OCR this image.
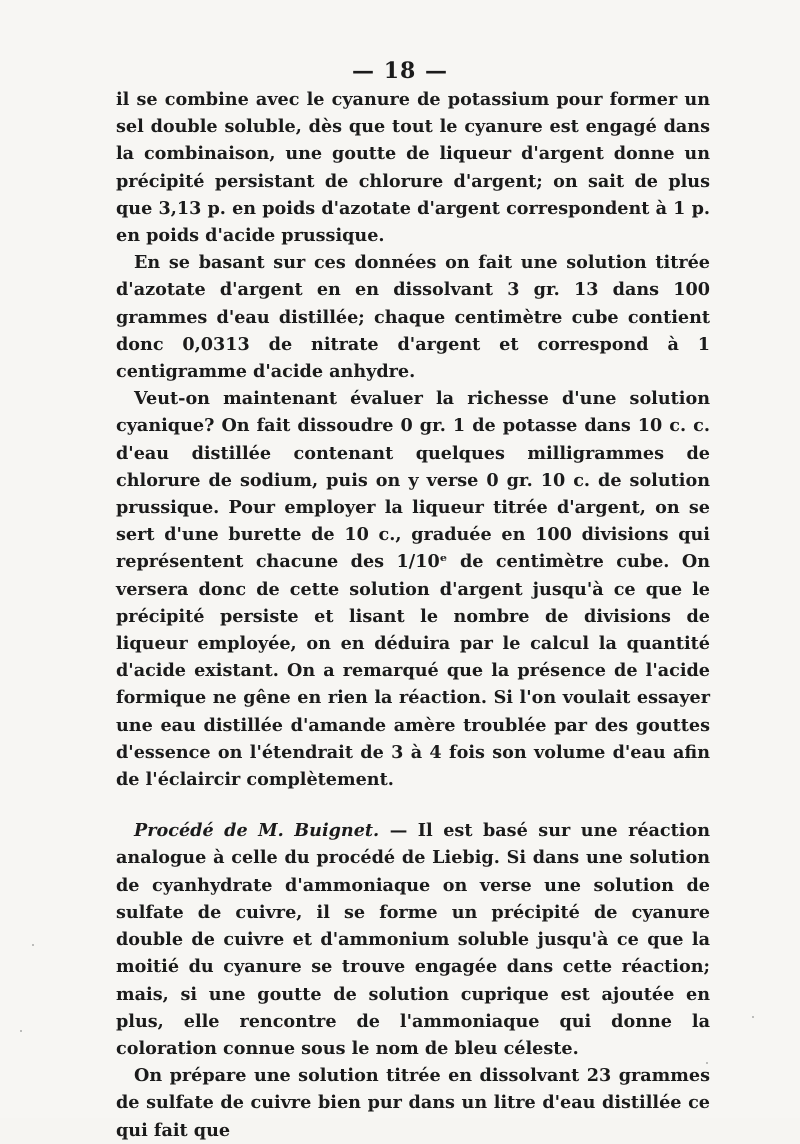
— 18 —

il se combine avec le cyanure de potassium pour former un sel double soluble, dès que tout le cyanure est engagé dans la combinaison, une goutte de liqueur d'argent donne un précipité persistant de chlorure d'argent; on sait de plus que 3,13 p. en poids d'azotate d'argent correspondent à 1 p. en poids d'acide prussique.

En se basant sur ces données on fait une solution titrée d'azotate d'argent en en dissolvant 3 gr. 13 dans 100 grammes d'eau distillée; chaque centimètre cube contient donc 0,0313 de nitrate d'argent et correspond à 1 centigramme d'acide anhydre.

Veut-on maintenant évaluer la richesse d'une solution cyanique? On fait dissoudre 0 gr. 1 de potasse dans 10 c. c. d'eau distillée contenant quelques milligrammes de chlorure de sodium, puis on y verse 0 gr. 10 c. de solution prussique. Pour employer la liqueur titrée d'argent, on se sert d'une burette de 10 c., graduée en 100 divisions qui représentent chacune des 1/10ᵉ de centimètre cube. On versera donc de cette solution d'argent jusqu'à ce que le précipité persiste et lisant le nombre de divisions de liqueur employée, on en déduira par le calcul la quantité d'acide existant. On a remarqué que la présence de l'acide formique ne gêne en rien la réaction. Si l'on voulait essayer une eau distillée d'amande amère troublée par des gouttes d'essence on l'étendrait de 3 à 4 fois son volume d'eau afin de l'éclaircir complètement.

Procédé de M. Buignet. — Il est basé sur une réaction analogue à celle du procédé de Liebig. Si dans une solution de cyanhydrate d'ammoniaque on verse une solution de sulfate de cuivre, il se forme un précipité de cyanure double de cuivre et d'ammonium soluble jusqu'à ce que la moitié du cyanure se trouve engagée dans cette réaction; mais, si une goutte de solution cuprique est ajoutée en plus, elle rencontre de l'ammoniaque qui donne la coloration connue sous le nom de bleu céleste.

On prépare une solution titrée en dissolvant 23 grammes de sulfate de cuivre bien pur dans un litre d'eau distillée ce qui fait que
